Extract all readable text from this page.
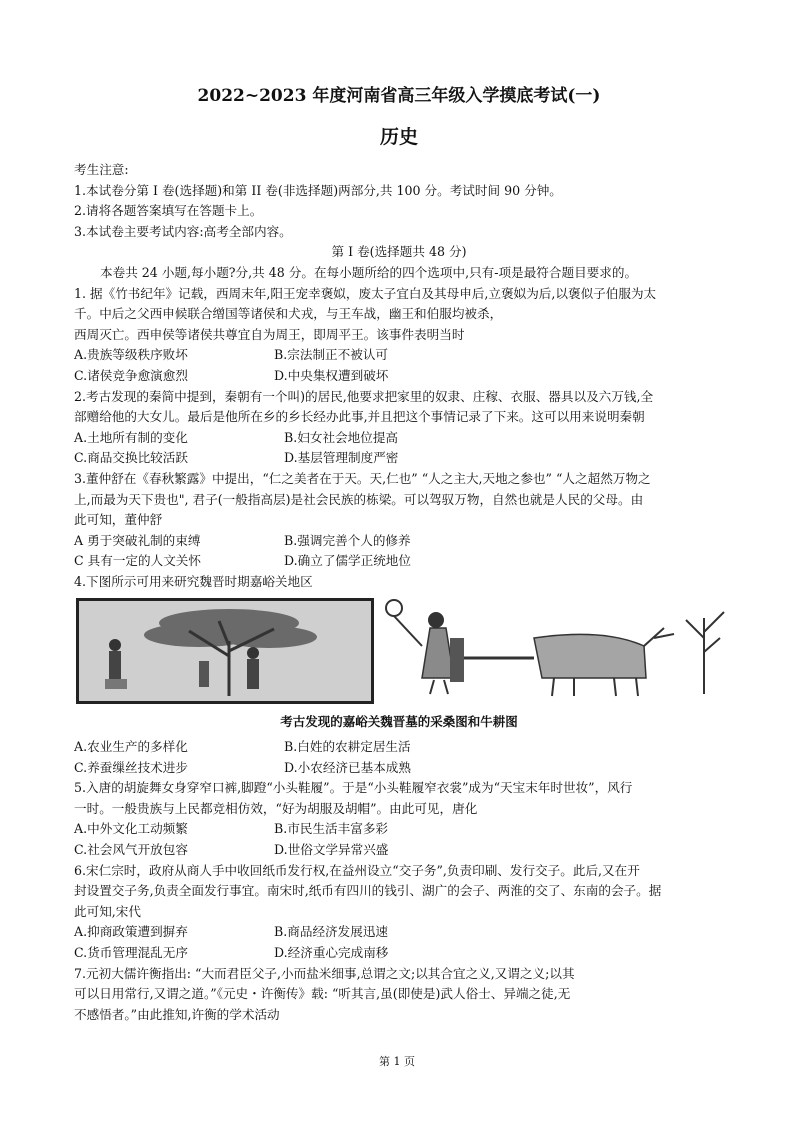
2022~2023 年度河南省高三年级入学摸底考试(一)
历史
考生注意:
1.本试卷分第 I 卷(选择题)和第 II 卷(非选择题)两部分,共 100 分。考试时间 90 分钟。
2.请将各题答案填写在答题卡上。
3.本试卷主要考试内容:高考全部内容。
第 I 卷(选择题共 48 分)
本卷共 24 小题,每小题?分,共 48 分。在每小题所给的四个选项中,只有-项是最符合题目要求的。
1. 据《竹书纪年》记载，西周末年,阳王宠幸褒姒，废太子宜白及其母申后,立褒姒为后,以褒似子伯服为太
千。中后之父西申候联合缯国等诸侯和犬戎，与王车战，幽王和伯服均被杀，
西周灭亡。西申侯等诸侯共尊宜自为周王，即周平王。该事件表明当时
A.贵族等级秩序败坏	B.宗法制正不被认可
C.诸侯竞争愈演愈烈	D.中央集权遭到破坏
2.考古发现的秦简中提到，秦朝有一个叫)的居民,他要求把家里的奴隶、庄稼、衣服、器具以及六万钱,全
部赠给他的大女儿。最后是他所在乡的乡长经办此事,并且把这个事情记录了下来。这可以用来说明秦朝
A.土地所有制的变化	B.妇女社会地位提高
C.商品交换比较活跃	D.基层管理制度严密
3.董仲舒在《春秋繁露》中提出，“仁之美者在于天。天,仁也” “人之主大,天地之参也” “人之超然万物之
上,而最为天下贵也", 君子(一般指高层)是社会民族的栋梁。可以驾驭万物，自然也就是人民的父母。由
此可知，董仲舒
A 勇于突破礼制的束缚	B.强调完善个人的修养
C 具有一定的人文关怀	D.确立了儒学正统地位
4.下图所示可用来研究魏晋时期嘉峪关地区
考古发现的嘉峪关魏晋墓的采桑图和牛耕图
A.农业生产的多样化	B.白姓的农耕定居生活
C.养蚕缫丝技术进步	D.小农经济已基本成熟
5.入唐的胡旋舞女身穿窄口裤,脚蹬“小头鞋履”。于是“小头鞋履窄衣裳”成为“天宝末年时世妆”，风行
一时。一般贵族与上民都竞相仿效，“好为胡服及胡帽”。由此可见，唐化
A.中外文化工动频繁	B.市民生活丰富多彩
C.社会风气开放包容	D.世俗文学异常兴盛
6.宋仁宗时，政府从商人手中收回纸币发行权,在益州设立“交子务”,负责印刷、发行交子。此后,又在开
封设置交子务,负责全面发行事宜。南宋时,纸币有四川的钱引、湖广的会子、两淮的交了、东南的会子。据
此可知,宋代
A.抑商政策遭到摒弃	B.商品经济发展迅速
C.货币管理混乱无序	D.经济重心完成南移
7.元初大儒许衡指出: “大而君臣父子,小而盐米细事,总谓之文;以其合宜之义,又谓之义;以其
可以日用常行,又谓之道。”《元史・许衡传》载: “听其言,虽(即使是)武人俗士、异端之徒,无
不感悟者。”由此推知,许衡的学术活动
第 1 页
